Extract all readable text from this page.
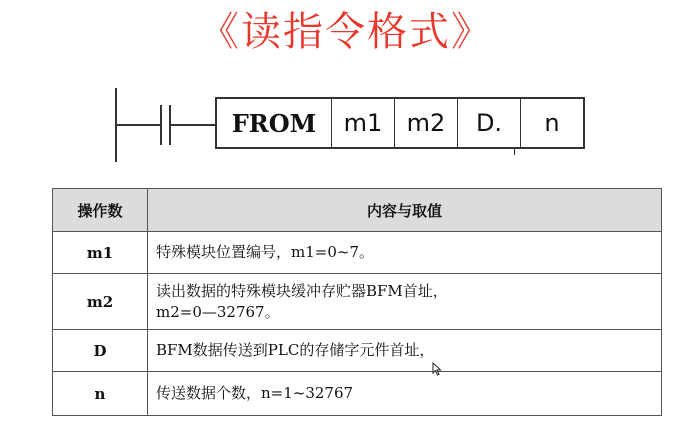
《读指令格式》
FROM	m1	m2	D.	n
操作数	内容与取值
m1	特殊模块位置编号，m1=0~7。

m2	读出数据的特殊模块缓冲存贮器BFM首址，
m2=0—32767。

D	BFM数据传送到PLC的存储字元件首址，

n	传送数据个数，n=1~32767
